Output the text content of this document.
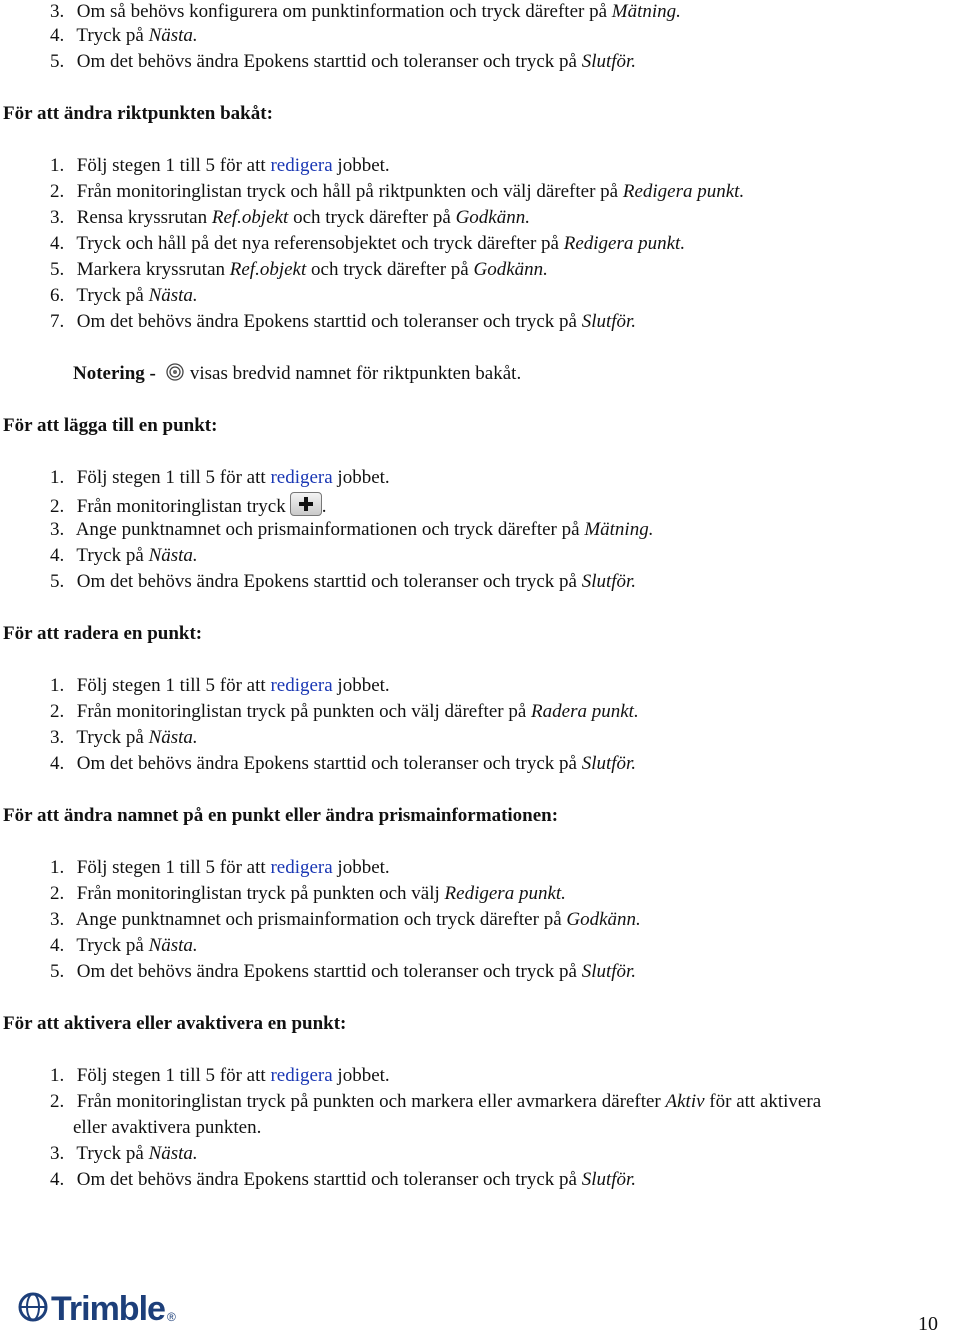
3. Om så behövs konfigurera om punktinformation och tryck därefter på Mätning.
4. Tryck på Nästa.
5. Om det behövs ändra Epokens starttid och toleranser och tryck på Slutför.
För att ändra riktpunkten bakåt:
1. Följ stegen 1 till 5 för att redigera jobbet.
2. Från monitoringlistan tryck och håll på riktpunkten och välj därefter på Redigera punkt.
3. Rensa kryssrutan Ref.objekt och tryck därefter på Godkänn.
4. Tryck och håll på det nya referensobjektet och tryck därefter på Redigera punkt.
5. Markera kryssrutan Ref.objekt och tryck därefter på Godkänn.
6. Tryck på Nästa.
7. Om det behövs ändra Epokens starttid och toleranser och tryck på Slutför.
Notering - visas bredvid namnet för riktpunkten bakåt.
För att lägga till en punkt:
1. Följ stegen 1 till 5 för att redigera jobbet.
2. Från monitoringlistan tryck .
3. Ange punktnamnet och prismainformationen och tryck därefter på Mätning.
4. Tryck på Nästa.
5. Om det behövs ändra Epokens starttid och toleranser och tryck på Slutför.
För att radera en punkt:
1. Följ stegen 1 till 5 för att redigera jobbet.
2. Från monitoringlistan tryck på punkten och välj därefter på Radera punkt.
3. Tryck på Nästa.
4. Om det behövs ändra Epokens starttid och toleranser och tryck på Slutför.
För att ändra namnet på en punkt eller ändra prismainformationen:
1. Följ stegen 1 till 5 för att redigera jobbet.
2. Från monitoringlistan tryck på punkten och välj Redigera punkt.
3. Ange punktnamnet och prismainformation och tryck därefter på Godkänn.
4. Tryck på Nästa.
5. Om det behövs ändra Epokens starttid och toleranser och tryck på Slutför.
För att aktivera eller avaktivera en punkt:
1. Följ stegen 1 till 5 för att redigera jobbet.
2. Från monitoringlistan tryck på punkten och markera eller avmarkera därefter Aktiv för att aktivera
eller avaktivera punkten.
3. Tryck på Nästa.
4. Om det behövs ändra Epokens starttid och toleranser och tryck på Slutför.
Trimble ®	10
